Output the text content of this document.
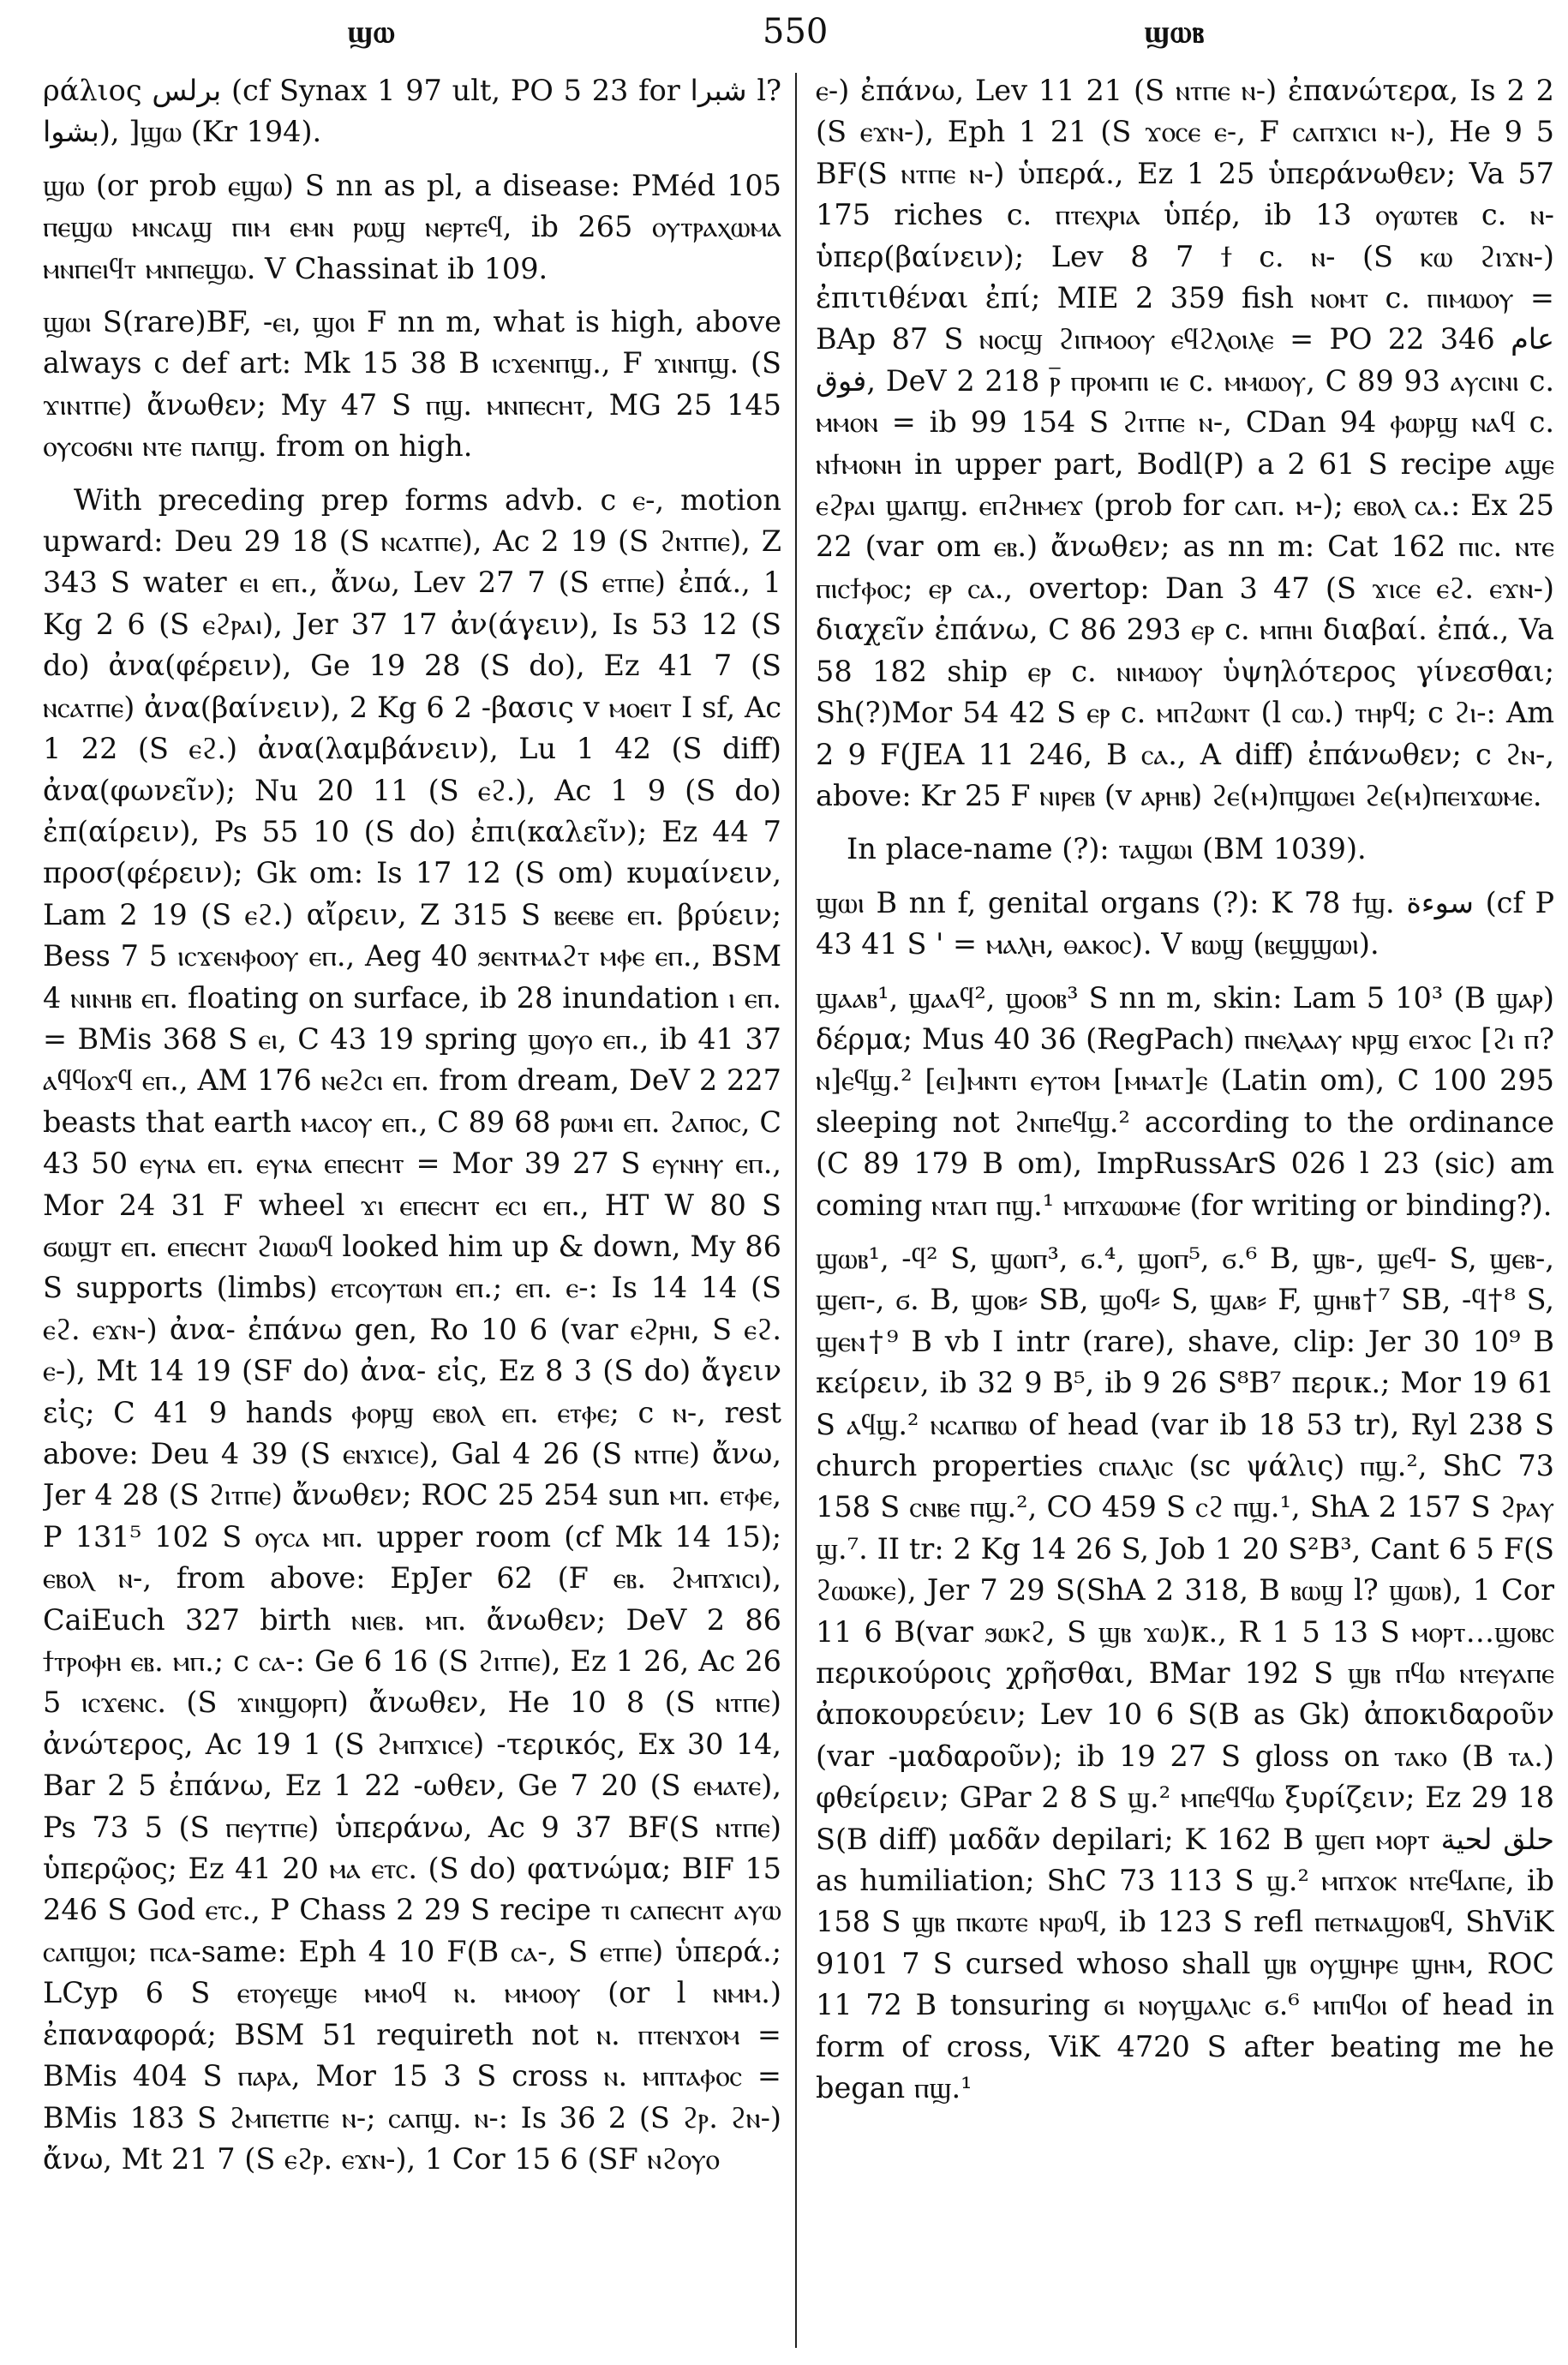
ϣⲱ	550	ϣⲱⲃ

ράλιος برلس (cf Synax 1 97 ult, PO 5 23 for شبرا l? بشوا), ]ϣⲱ (Kr 194).

ϣⲱ (or prob ⲉϣⲱ) S nn as pl, a disease: PMéd 105 ⲡⲉϣⲱ ⲙⲛⲥⲁϣ ⲡⲓⲙ ⲉⲙⲛ ⲣⲱϣ ⲛⲉⲣⲧⲉϥ, ib 265 ⲟⲩⲧⲣⲁⲭⲱⲙⲁ ⲙⲛⲡⲉⲓϥⲧ ⲙⲛⲡⲉϣⲱ. V Chassinat ib 109.

ϣⲱⲓ S(rare)BF, -ⲉⲓ, ϣⲟⲓ F nn m, what is high, above always c def art: Mk 15 38 B ⲓⲥϫⲉⲛⲡϣ., F ϫⲓⲛⲡϣ. (S ϫⲓⲛⲧⲡⲉ) ἄνωθεν; My 47 S ⲡϣ. ⲙⲛⲡⲉⲥⲏⲧ, MG 25 145 ⲟⲩⲥⲟϭⲛⲓ ⲛⲧⲉ ⲡⲁⲡϣ. from on high.

With preceding prep forms advb. c ⲉ-, motion upward: Deu 29 18 (S ⲛⲥⲁⲧⲡⲉ), Ac 2 19 (S ϩⲛⲧⲡⲉ), Z 343 S water ⲉⲓ ⲉⲡ., ἄνω, Lev 27 7 (S ⲉⲧⲡⲉ) ἐπά., 1 Kg 2 6 (S ⲉϩⲣⲁⲓ), Jer 37 17 ἀν(άγειν), Is 53 12 (S do) ἀνα(φέρειν), Ge 19 28 (S do), Ez 41 7 (S ⲛⲥⲁⲧⲡⲉ) ἀνα(βαίνειν), 2 Kg 6 2 -βασις v ⲙⲟⲉⲓⲧ I sf, Ac 1 22 (S ⲉϩ.) ἀνα(λαμβάνειν), Lu 1 42 (S diff) ἀνα(φωνεῖν); Nu 20 11 (S ⲉϩ.), Ac 1 9 (S do) ἐπ(αίρειν), Ps 55 10 (S do) ἐπι(καλεῖν); Ez 44 7 προσ(φέρειν); Gk om: Is 17 12 (S om) κυμαίνειν, Lam 2 19 (S ⲉϩ.) αἴρειν, Z 315 S ⲃⲉⲉⲃⲉ ⲉⲡ. βρύειν; Bess 7 5 ⲓⲥϫⲉⲛⲫⲟⲟⲩ ⲉⲡ., Aeg 40 ϧⲉⲛⲧⲙⲁϩⲧ ⲙⲫⲉ ⲉⲡ., BSM 4 ⲛⲓⲛⲏⲃ ⲉⲡ. floating on surface, ib 28 inundation ⲓ ⲉⲡ. = BMis 368 S ⲉⲓ, C 43 19 spring ϣⲟⲩⲟ ⲉⲡ., ib 41 37 ⲁϥϥⲟϫϥ ⲉⲡ., AM 176 ⲛⲉϩⲥⲓ ⲉⲡ. from dream, DeV 2 227 beasts that earth ⲙⲁⲥⲟⲩ ⲉⲡ., C 89 68 ⲣⲱⲙⲓ ⲉⲡ. ϩⲁⲡⲟⲥ, C 43 50 ⲉⲩⲛⲁ ⲉⲡ. ⲉⲩⲛⲁ ⲉⲡⲉⲥⲏⲧ = Mor 39 27 S ⲉⲩⲛⲏⲩ ⲉⲡ., Mor 24 31 F wheel ϫⲓ ⲉⲡⲉⲥⲏⲧ ⲉⲥⲓ ⲉⲡ., HT W 80 S ϭⲱϣⲧ ⲉⲡ. ⲉⲡⲉⲥⲏⲧ ϩⲓⲱⲱϥ looked him up & down, My 86 S supports (limbs) ⲉⲧⲥⲟⲩⲧⲱⲛ ⲉⲡ.; ⲉⲡ. ⲉ-: Is 14 14 (S ⲉϩ. ⲉϫⲛ-) ἀνα- ἐπάνω gen, Ro 10 6 (var ⲉϩⲣⲏⲓ, S ⲉϩ. ⲉ-), Mt 14 19 (SF do) ἀνα- εἰς, Ez 8 3 (S do) ἄγειν εἰς; C 41 9 hands ⲫⲟⲣϣ ⲉⲃⲟⲗ ⲉⲡ. ⲉⲧⲫⲉ; c ⲛ-, rest above: Deu 4 39 (S ⲉⲛϫⲓⲥⲉ), Gal 4 26 (S ⲛⲧⲡⲉ) ἄνω, Jer 4 28 (S ϩⲓⲧⲡⲉ) ἄνωθεν; ROC 25 254 sun ⲙⲡ. ⲉⲧⲫⲉ, P 131⁵ 102 S ⲟⲩⲥⲁ ⲙⲡ. upper room (cf Mk 14 15); ⲉⲃⲟⲗ ⲛ-, from above: EpJer 62 (F ⲉⲃ. ϩⲙⲡϫⲓⲥⲓ), CaiEuch 327 birth ⲛⲓⲉⲃ. ⲙⲡ. ἄνωθεν; DeV 2 86 ϯⲧⲣⲟⲫⲏ ⲉⲃ. ⲙⲡ.; c ⲥⲁ-: Ge 6 16 (S ϩⲓⲧⲡⲉ), Ez 1 26, Ac 26 5 ⲓⲥϫⲉⲛⲥ. (S ϫⲓⲛϣⲟⲣⲡ) ἄνωθεν, He 10 8 (S ⲛⲧⲡⲉ) ἀνώτερος, Ac 19 1 (S ϩⲙⲡϫⲓⲥⲉ) -τερικός, Ex 30 14, Bar 2 5 ἐπάνω, Ez 1 22 -ωθεν, Ge 7 20 (S ⲉⲙⲁⲧⲉ), Ps 73 5 (S ⲡⲉⲩⲧⲡⲉ) ὑπεράνω, Ac 9 37 BF(S ⲛⲧⲡⲉ) ὑπερῷος; Ez 41 20 ⲙⲁ ⲉⲧⲥ. (S do) φατνώμα; BIF 15 246 S God ⲉⲧⲥ., P Chass 2 29 S recipe ⲧⲓ ⲥⲁⲡⲉⲥⲏⲧ ⲁⲩⲱ ⲥⲁⲡϣⲟⲓ; ⲡⲥⲁ-same: Eph 4 10 F(B ⲥⲁ-, S ⲉⲧⲡⲉ) ὑπερά.; LCyp 6 S ⲉⲧⲟⲩⲉϣⲉ ⲙⲙⲟϥ ⲛ. ⲙⲙⲟⲟⲩ (or l ⲛⲙⲙ.) ἐπαναφορά; BSM 51 requireth not ⲛ. ⲡⲧⲉⲛϫⲟⲙ = BMis 404 S ⲡⲁⲣⲁ, Mor 15 3 S cross ⲛ. ⲙⲡⲧⲁⲫⲟⲥ = BMis 183 S ϩⲙⲡⲉⲧⲡⲉ ⲛ-; ⲥⲁⲡϣ. ⲛ-: Is 36 2 (S ϩⲣ. ϩⲛ-) ἄνω, Mt 21 7 (S ⲉϩⲣ. ⲉϫⲛ-), 1 Cor 15 6 (SF ⲛϩⲟⲩⲟ

ⲉ-) ἐπάνω, Lev 11 21 (S ⲛⲧⲡⲉ ⲛ-) ἐπανώτερα, Is 2 2 (S ⲉϫⲛ-), Eph 1 21 (S ϫⲟⲥⲉ ⲉ-, F ⲥⲁⲡϫⲓⲥⲓ ⲛ-), He 9 5 BF(S ⲛⲧⲡⲉ ⲛ-) ὑπερά., Ez 1 25 ὑπεράνωθεν; Va 57 175 riches c. ⲡⲧⲉⲭⲣⲓⲁ ὑπέρ, ib 13 ⲟⲩⲱⲧⲉⲃ c. ⲛ- ὑπερ(βαίνειν); Lev 8 7 ϯ c. ⲛ- (S ⲕⲱ ϩⲓϫⲛ-) ἐπιτιθέναι ἐπί; MIE 2 359 fish ⲛⲟⲙⲧ c. ⲡⲓⲙⲱⲟⲩ = BAp 87 S ⲛⲟⲥϣ ϩⲓⲡⲙⲟⲟⲩ ⲉϥϩⲗⲟⲓⲗⲉ = PO 22 346 عام فوق, DeV 2 218 ⲣ̅ ⲡⲣⲟⲙⲡⲓ ⲓⲉ c. ⲙⲙⲱⲟⲩ, C 89 93 ⲁⲩⲥⲓⲛⲓ c. ⲙⲙⲟⲛ = ib 99 154 S ϩⲓⲧⲡⲉ ⲛ-, CDan 94 ⲫⲱⲣϣ ⲛⲁϥ c. ⲛϯⲙⲟⲛⲏ in upper part, Bodl(P) a 2 61 S recipe ⲁϣⲉ ⲉϩⲣⲁⲓ ϣⲁⲡϣ. ⲉⲡϩⲏⲙⲉϫ (prob for ⲥⲁⲡ. ⲙ-); ⲉⲃⲟⲗ ⲥⲁ.: Ex 25 22 (var om ⲉⲃ.) ἄνωθεν; as nn m: Cat 162 ⲡⲓⲥ. ⲛⲧⲉ ⲡⲓⲥϯⲫⲟⲥ; ⲉⲣ ⲥⲁ., overtop: Dan 3 47 (S ϫⲓⲥⲉ ⲉϩ. ⲉϫⲛ-) διαχεῖν ἐπάνω, C 86 293 ⲉⲣ c. ⲙⲡⲏⲓ διαβαί. ἐπά., Va 58 182 ship ⲉⲣ c. ⲛⲓⲙⲱⲟⲩ ὑψηλότερος γίνεσθαι; Sh(?)Mor 54 42 S ⲉⲣ c. ⲙⲡϩⲱⲛⲧ (l ⲥⲱ.) ⲧⲏⲣϥ; c ϩⲓ-: Am 2 9 F(JEA 11 246, B ⲥⲁ., A diff) ἐπάνωθεν; c ϩⲛ-, above: Kr 25 F ⲛⲓⲣⲉⲃ (v ⲁⲣⲏⲃ) ϩⲉ(ⲙ)ⲡϣⲱⲉⲓ ϩⲉ(ⲙ)ⲡⲉⲓϫⲱⲙⲉ.

In place-name (?): ⲧⲁϣⲱⲓ (BM 1039).

ϣⲱⲓ B nn f, genital organs (?): K 78 ϯϣ. سوءة (cf P 43 41 S ' = ⲙⲁⲗⲏ, ⲑⲁⲕⲟⲥ). V ⲃⲱϣ (ⲃⲉϣϣⲱⲓ).

ϣⲁⲁⲃ¹, ϣⲁⲁϥ², ϣⲟⲟⲃ³ S nn m, skin: Lam 5 10³ (B ϣⲁⲣ) δέρμα; Mus 40 36 (RegPach) ⲡⲛⲉⲗⲁⲁⲩ ⲛⲣϣ ⲉⲓϫⲟⲥ [ϩⲓ ⲡ?ⲛ]ⲉϥϣ.² [ⲉⲓ]ⲙⲛⲧⲓ ⲉⲩⲧⲟⲙ [ⲙⲙⲁⲧ]ⲉ (Latin om), C 100 295 sleeping not ϩⲛⲡⲉϥϣ.² according to the ordinance (C 89 179 B om), ImpRussArS 026 l 23 (sic) am coming ⲛⲧⲁⲡ ⲡϣ.¹ ⲙⲡϫⲱⲱⲙⲉ (for writing or binding?).

ϣⲱⲃ¹, -ϥ² S, ϣⲱⲡ³, ϭ.⁴, ϣⲟⲡ⁵, ϭ.⁶ B, ϣⲃ-, ϣⲉϥ- S, ϣⲉⲃ-, ϣⲉⲡ-, ϭ. B, ϣⲟⲃ⸗ SB, ϣⲟϥ⸗ S, ϣⲁⲃ⸗ F, ϣⲏⲃ†⁷ SB, -ϥ†⁸ S, ϣⲉⲛ†⁹ B vb I intr (rare), shave, clip: Jer 30 10⁹ B κείρειν, ib 32 9 B⁵, ib 9 26 S⁸B⁷ περικ.; Mor 19 61 S ⲁϥϣ.² ⲛⲥⲁⲡⲃⲱ of head (var ib 18 53 tr), Ryl 238 S church properties ⲥⲡⲁⲗⲓⲥ (sc ψάλις) ⲡϣ.², ShC 73 158 S ⲥⲛⲃⲉ ⲡϣ.², CO 459 S ⲥϩ ⲡϣ.¹, ShA 2 157 S ϩⲣⲁⲩ ϣ.⁷. II tr: 2 Kg 14 26 S, Job 1 20 S²B³, Cant 6 5 F(S ϩⲱⲱⲕⲉ), Jer 7 29 S(ShA 2 318, B ⲃⲱϣ l? ϣⲱⲃ), 1 Cor 11 6 B(var ϧⲱⲕϩ, S ϣⲃ ϫⲱ)κ., R 1 5 13 S ⲙⲟⲣⲧ…ϣⲟⲃⲥ περικούροις χρῆσθαι, BMar 192 S ϣⲃ ⲡϥⲱ ⲛⲧⲉⲩⲁⲡⲉ ἀποκουρεύειν; Lev 10 6 S(B as Gk) ἀποκιδαροῦν (var -μαδαροῦν); ib 19 27 S gloss on ⲧⲁⲕⲟ (B ⲧⲁ.) φθείρειν; GPar 2 8 S ϣ.² ⲙⲡⲉϥϥⲱ ξυρίζειν; Ez 29 18 S(B diff) μαδᾶν depilari; K 162 B ϣⲉⲡ ⲙⲟⲣⲧ حلق لحية as humiliation; ShC 73 113 S ϣ.² ⲙⲡϫⲟⲕ ⲛⲧⲉϥⲁⲡⲉ, ib 158 S ϣⲃ ⲡⲕⲱⲧⲉ ⲛⲣⲱϥ, ib 123 S refl ⲡⲉⲧⲛⲁϣⲟⲃϥ, ShViK 9101 7 S cursed whoso shall ϣⲃ ⲟⲩϣⲏⲣⲉ ϣⲏⲙ, ROC 11 72 B tonsuring ϭⲓ ⲛⲟⲩϣⲁⲗⲓⲥ ϭ.⁶ ⲙⲡⲓϥⲟⲓ of head in form of cross, ViK 4720 S after beating me he began ⲡϣ.¹
